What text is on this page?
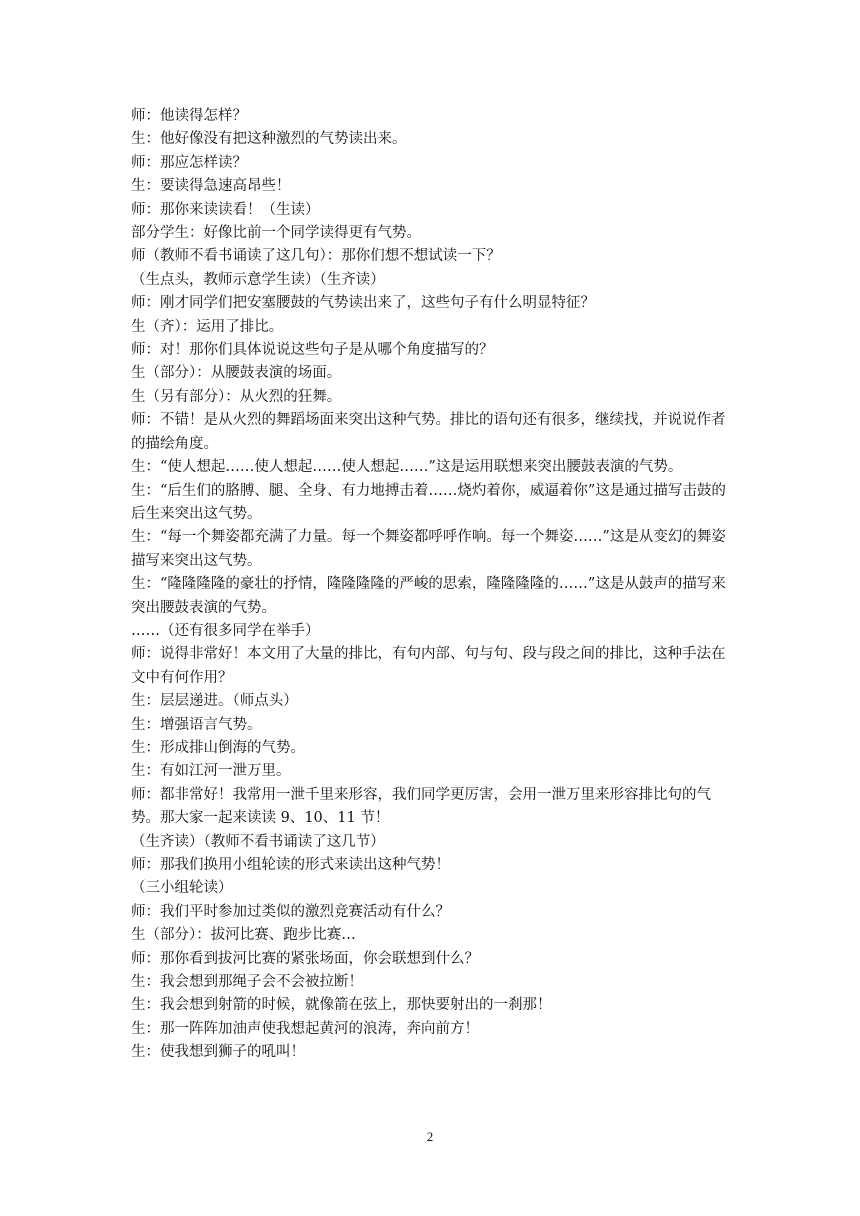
师：他读得怎样？

生：他好像没有把这种激烈的气势读出来。

师：那应怎样读？

生：要读得急速高昂些！

师：那你来读读看！（生读）

部分学生：好像比前一个同学读得更有气势。

师（教师不看书诵读了这几句）：那你们想不想试读一下？

（生点头，教师示意学生读）（生齐读）

师：刚才同学们把安塞腰鼓的气势读出来了，这些句子有什么明显特征？

生（齐）：运用了排比。

师：对！那你们具体说说这些句子是从哪个角度描写的？

生（部分）：从腰鼓表演的场面。

生（另有部分）：从火烈的狂舞。

师：不错！是从火烈的舞蹈场面来突出这种气势。排比的语句还有很多，继续找，并说说作者的描绘角度。

生：“使人想起……使人想起……使人想起……”这是运用联想来突出腰鼓表演的气势。

生：“后生们的胳膊、腿、全身、有力地搏击着……烧灼着你，威逼着你”这是通过描写击鼓的后生来突出这气势。

生：“每一个舞姿都充满了力量。每一个舞姿都呼呼作响。每一个舞姿……”这是从变幻的舞姿描写来突出这气势。

生：“隆隆隆隆的豪壮的抒情，隆隆隆隆的严峻的思索，隆隆隆隆的……”这是从鼓声的描写来突出腰鼓表演的气势。

……（还有很多同学在举手）

师：说得非常好！本文用了大量的排比，有句内部、句与句、段与段之间的排比，这种手法在文中有何作用？

生：层层递进。（师点头）

生：增强语言气势。

生：形成排山倒海的气势。

生：有如江河一泄万里。

师：都非常好！我常用一泄千里来形容，我们同学更厉害，会用一泄万里来形容排比句的气势。那大家一起来读读 9、10、11 节！

（生齐读）（教师不看书诵读了这几节）

师：那我们换用小组轮读的形式来读出这种气势！

（三小组轮读）

师：我们平时参加过类似的激烈竞赛活动有什么？

生（部分）：拔河比赛、跑步比赛…

师：那你看到拔河比赛的紧张场面，你会联想到什么？

生：我会想到那绳子会不会被拉断！

生：我会想到射箭的时候，就像箭在弦上，那快要射出的一刹那！

生：那一阵阵加油声使我想起黄河的浪涛，奔向前方！

生：使我想到狮子的吼叫！

2
